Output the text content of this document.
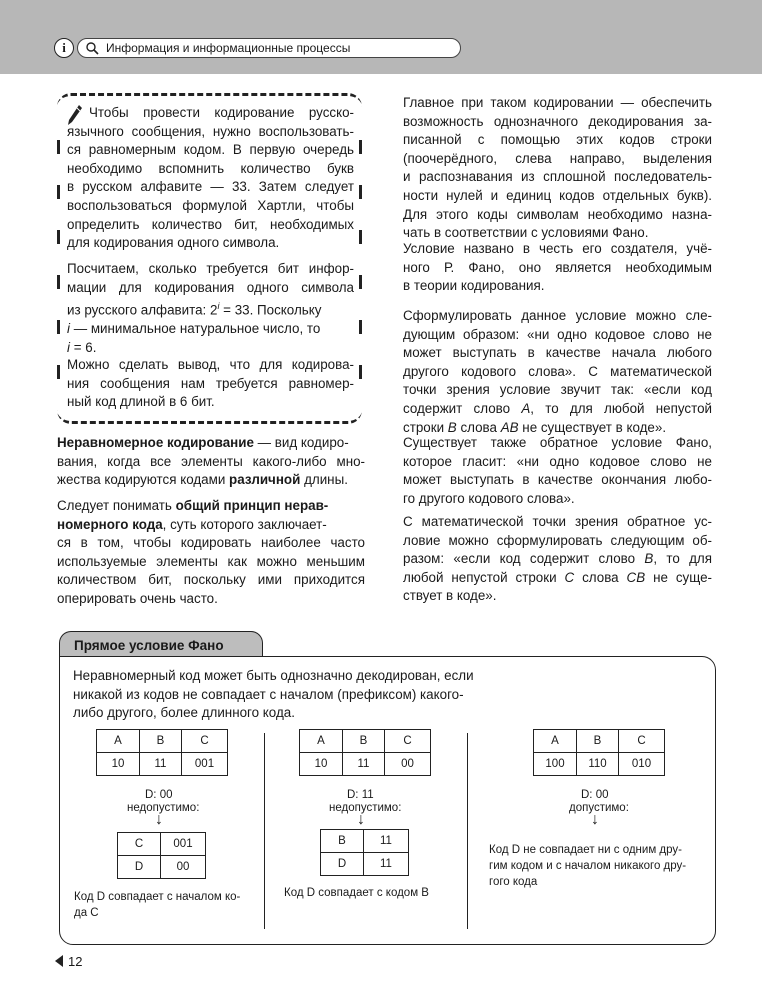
i	Информация и информационные процессы
Чтобы провести кодирование русско-
язычного сообщения, нужно воспользовать-
ся равномерным кодом. В первую очередь
необходимо вспомнить количество букв
в русском алфавите — 33. Затем следует
воспользоваться формулой Хартли, чтобы
определить количество бит, необходимых
для кодирования одного символа.
Посчитаем, сколько требуется бит инфор-
мации для кодирования одного символа
из русского алфавита: $2^i = 33$. Поскольку
i — минимальное натуральное число, то
i = 6.
Можно сделать вывод, что для кодирова-
ния сообщения нам требуется равномер-
ный код длиной в 6 бит.
Неравномерное кодирование — вид кодиро-
вания, когда все элементы какого-либо мно-
жества кодируются кодами различной длины.
Следует понимать общий принцип нерав-
номерного кода, суть которого заключает-
ся в том, чтобы кодировать наиболее часто
используемые элементы как можно меньшим
количеством бит, поскольку ими приходится
оперировать очень часто.
Главное при таком кодировании — обеспечить
возможность однозначного декодирования за-
писанной с помощью этих кодов строки
(поочерёдного, слева направо, выделения
и распознавания из сплошной последователь-
ности нулей и единиц кодов отдельных букв).
Для этого коды символам необходимо назна-
чать в соответствии с условиями Фано.
Условие названо в честь его создателя, учё-
ного Р. Фано, оно является необходимым
в теории кодирования.
Сформулировать данное условие можно сле-
дующим образом: «ни одно кодовое слово не
может выступать в качестве начала любого
другого кодового слова». С математической
точки зрения условие звучит так: «если код
содержит слово A, то для любой непустой
строки B слова AB не существует в коде».
Существует также обратное условие Фано,
которое гласит: «ни одно кодовое слово не
может выступать в качестве окончания любо-
го другого кодового слова».
С математической точки зрения обратное ус-
ловие можно сформулировать следующим об-
разом: «если код содержит слово B, то для
любой непустой строки C слова CB не суще-
ствует в коде».
Прямое условие Фано
Неравномерный код может быть однозначно декодирован, если
никакой из кодов не совпадает с началом (префиксом) какого-
либо другого, более длинного кода.
A	B	C
10	11	001
D: 00
недопустимо:
↓
C	001
D	00
Код D совпадает с началом ко-
да C
A	B	C
10	11	00
D: 11
недопустимо:
↓
B	11
D	11
Код D совпадает с кодом B
A	B	C
100	110	010
D: 00
допустимо:
↓
Код D не совпадает ни с одним дру-
гим кодом и с началом никакого дру-
гого кода
12
